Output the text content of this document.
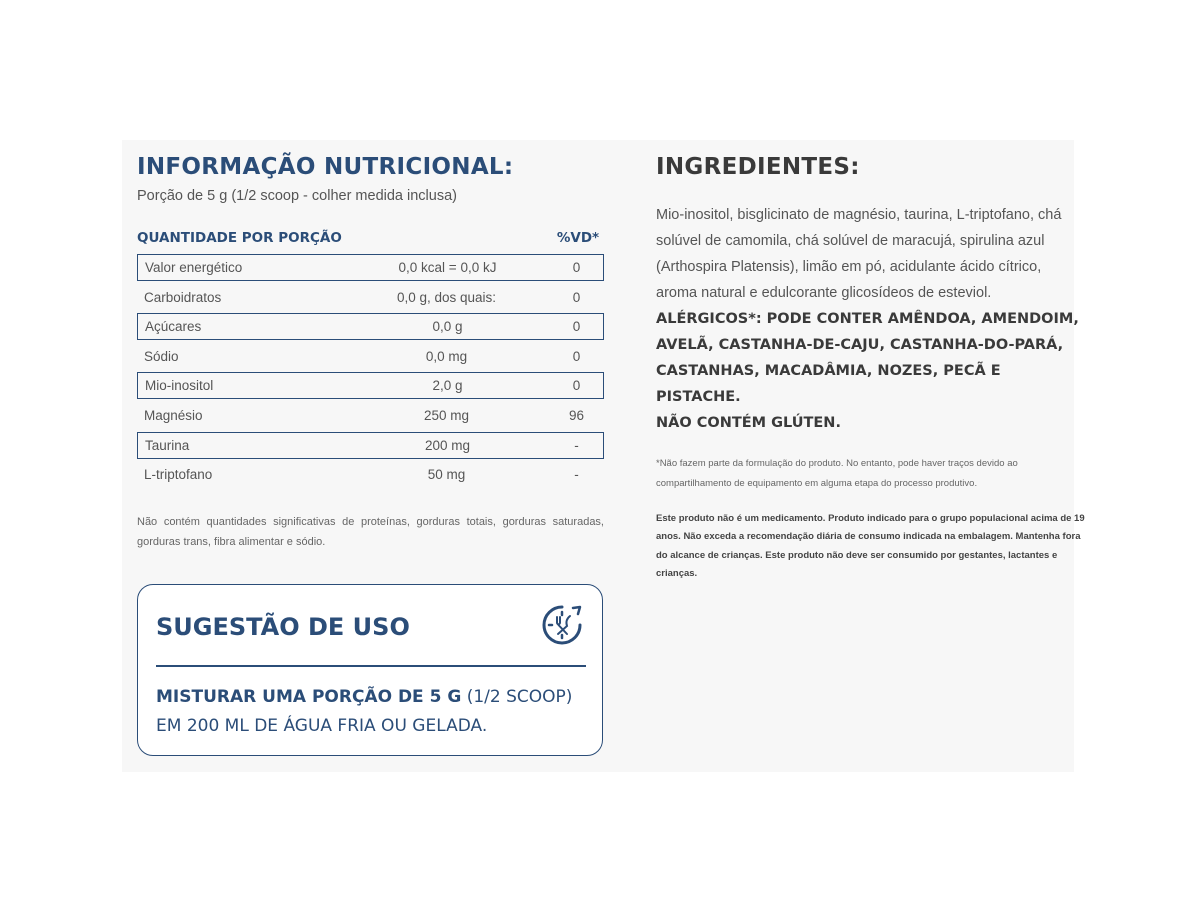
INFORMAÇÃO NUTRICIONAL:
Porção de 5 g (1/2 scoop - colher medida inclusa)
QUANTIDADE POR PORÇÃO	%VD*
Valor energético	0,0 kcal = 0,0 kJ	0
Carboidratos	0,0 g, dos quais:	0
Açúcares	0,0 g	0
Sódio	0,0 mg	0
Mio-inositol	2,0 g	0
Magnésio	250 mg	96
Taurina	200 mg	-
L-triptofano	50 mg	-
Não contém quantidades significativas de proteínas, gorduras totais, gorduras saturadas, gorduras trans, fibra alimentar e sódio.
SUGESTÃO DE USO
MISTURAR UMA PORÇÃO DE 5 G (1/2 SCOOP) EM 200 ML DE ÁGUA FRIA OU GELADA.
INGREDIENTES:
Mio-inositol, bisglicinato de magnésio, taurina, L-triptofano, chá solúvel de camomila, chá solúvel de maracujá, spirulina azul (Arthospira Platensis), limão em pó, acidulante ácido cítrico, aroma natural e edulcorante glicosídeos de esteviol.
ALÉRGICOS*: PODE CONTER AMÊNDOA, AMENDOIM, AVELÃ, CASTANHA-DE-CAJU, CASTANHA-DO-PARÁ, CASTANHAS, MACADÂMIA, NOZES, PECÃ E PISTACHE.
NÃO CONTÉM GLÚTEN.
*Não fazem parte da formulação do produto. No entanto, pode haver traços devido ao compartilhamento de equipamento em alguma etapa do processo produtivo.
Este produto não é um medicamento. Produto indicado para o grupo populacional acima de 19 anos. Não exceda a recomendação diária de consumo indicada na embalagem. Mantenha fora do alcance de crianças. Este produto não deve ser consumido por gestantes, lactantes e crianças.
